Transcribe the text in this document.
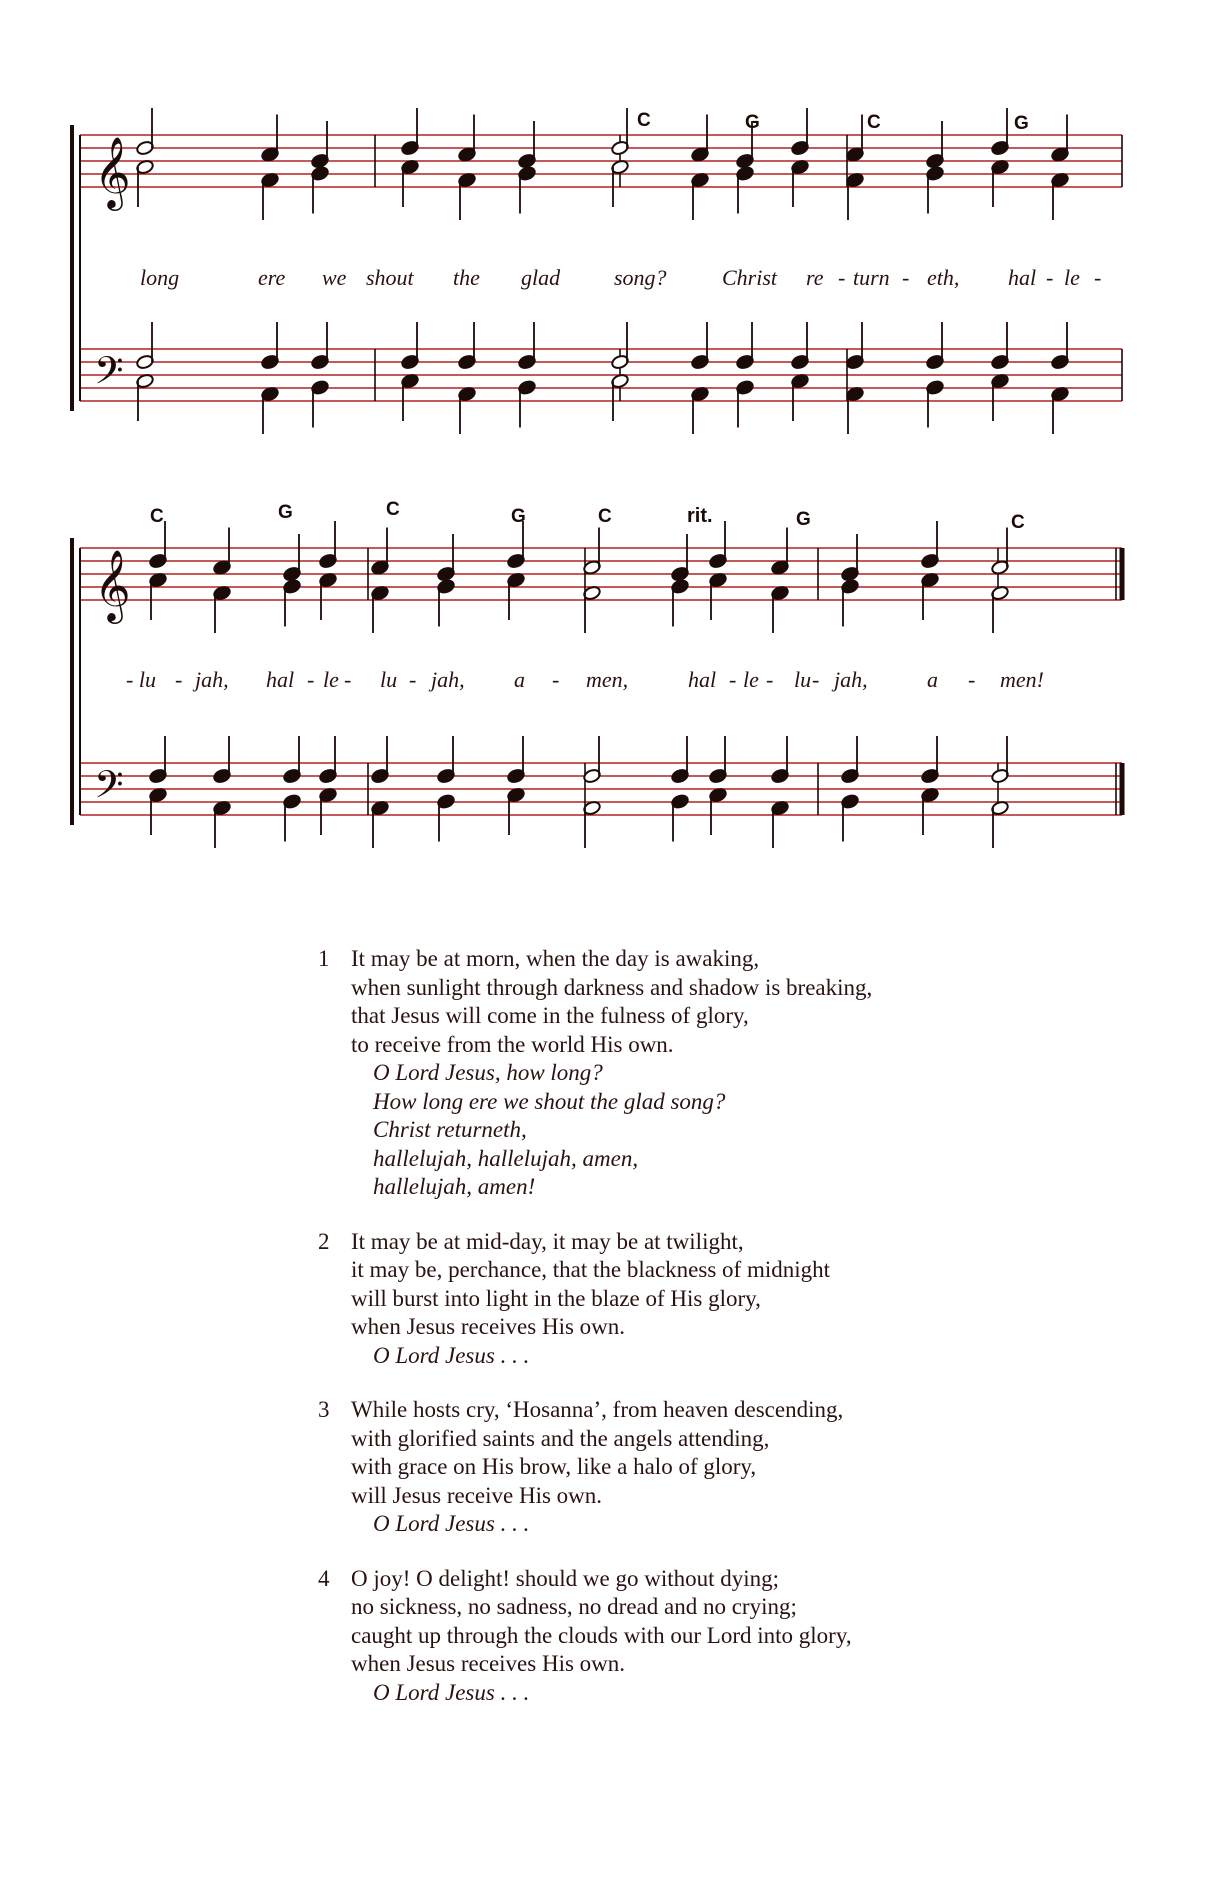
𝄞
𝄢
𝄞
𝄢
C	G	C	G
long	ere we shout the glad song?	Christ re - turn - eth, hal - le -
C	G	C	G	C	rit.	G	C
- lu - jah, hal - le - lu - jah, a - men,	hal - le - lu - jah,	a - men!
1 It may be at morn, when the day is awaking,
when sunlight through darkness and shadow is breaking,
that Jesus will come in the fulness of glory,
to receive from the world His own.
O Lord Jesus, how long?
How long ere we shout the glad song?
Christ returneth,
hallelujah, hallelujah, amen,
hallelujah, amen!
2 It may be at mid-day, it may be at twilight,
it may be, perchance, that the blackness of midnight
will burst into light in the blaze of His glory,
when Jesus receives His own.
O Lord Jesus . . .
3 While hosts cry, ‘Hosanna’, from heaven descending,
with glorified saints and the angels attending,
with grace on His brow, like a halo of glory,
will Jesus receive His own.
O Lord Jesus . . .
4 O joy! O delight! should we go without dying;
no sickness, no sadness, no dread and no crying;
caught up through the clouds with our Lord into glory,
when Jesus receives His own.
O Lord Jesus . . .
